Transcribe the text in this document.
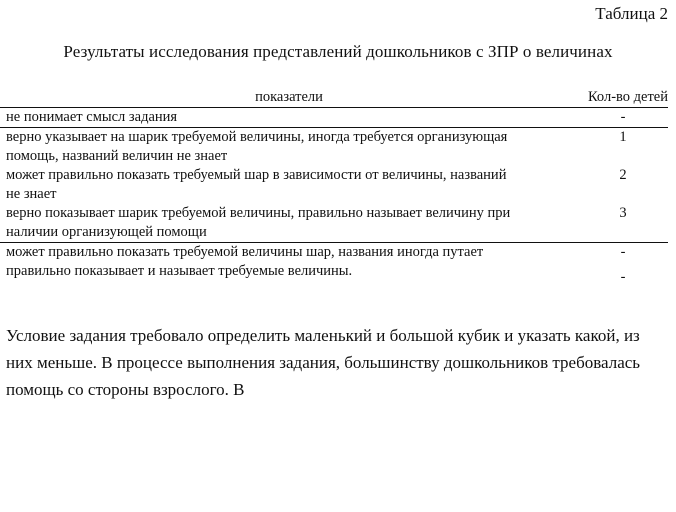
Таблица 2
Результаты исследования представлений дошкольников с ЗПР о величинах
показатели	Кол-во детей
не понимает смысл задания	-
верно указывает на шарик требуемой величины, иногда требуется организующая помощь, названий величин не знает	1
может правильно показать требуемый шар в зависимости от величины, названий не знает	2
верно показывает шарик требуемой величины, правильно называет величину при наличии организующей помощи	3
может правильно показать требуемой величины шар, названия иногда путает	-
правильно показывает и называет требуемые величины.	-

Условие задания требовало определить маленький и большой кубик и указать какой, из них меньше. В процессе выполнения задания, большинству дошкольников требовалась помощь со стороны взрослого. В
